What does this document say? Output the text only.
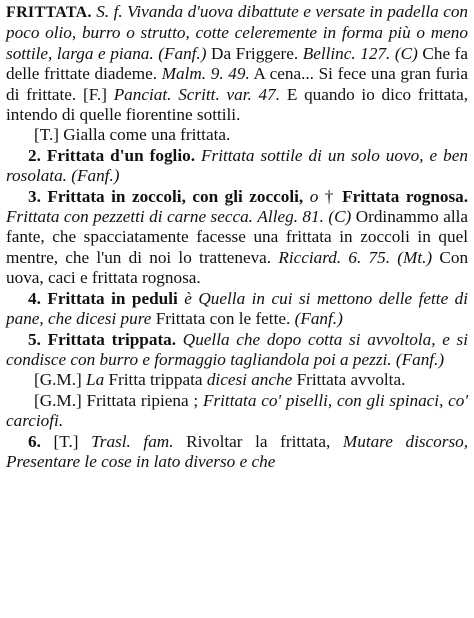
FRITTATA. S. f. Vivanda d'uova dibattute e versate in padella con poco olio, burro o strutto, cotte celeremente in forma più o meno sottile, larga e piana. (Fanf.) Da Friggere. Bellinc. 127. (C) Che fa delle frittate diademe. Malm. 9. 49. A cena... Si fece una gran furia di frittate. [F.] Panciat. Scritt. var. 47. E quando io dico frittata, intendo di quelle fiorentine sottili.

[T.] Gialla come una frittata.

2. Frittata d'un foglio. Frittata sottile di un solo uovo, e ben rosolata. (Fanf.)

3. Frittata in zoccoli, con gli zoccoli, o † Frittata rognosa. Frittata con pezzetti di carne secca. Alleg. 81. (C) Ordinammo alla fante, che spacciatamente facesse una frittata in zoccoli in quel mentre, che l'un di noi lo tratteneva. Ricciard. 6. 75. (Mt.) Con uova, caci e frittata rognosa.

4. Frittata in peduli è Quella in cui si mettono delle fette di pane, che dicesi pure Frittata con le fette. (Fanf.)

5. Frittata trippata. Quella che dopo cotta si avvoltola, e si condisce con burro e formaggio tagliandola poi a pezzi. (Fanf.)

[G.M.] La Fritta trippata dicesi anche Frittata avvolta.

[G.M.] Frittata ripiena ; Frittata co' piselli, con gli spinaci, co' carciofi.

6. [T.] Trasl. fam. Rivoltar la frittata, Mutare discorso, Presentare le cose in lato diverso e che
